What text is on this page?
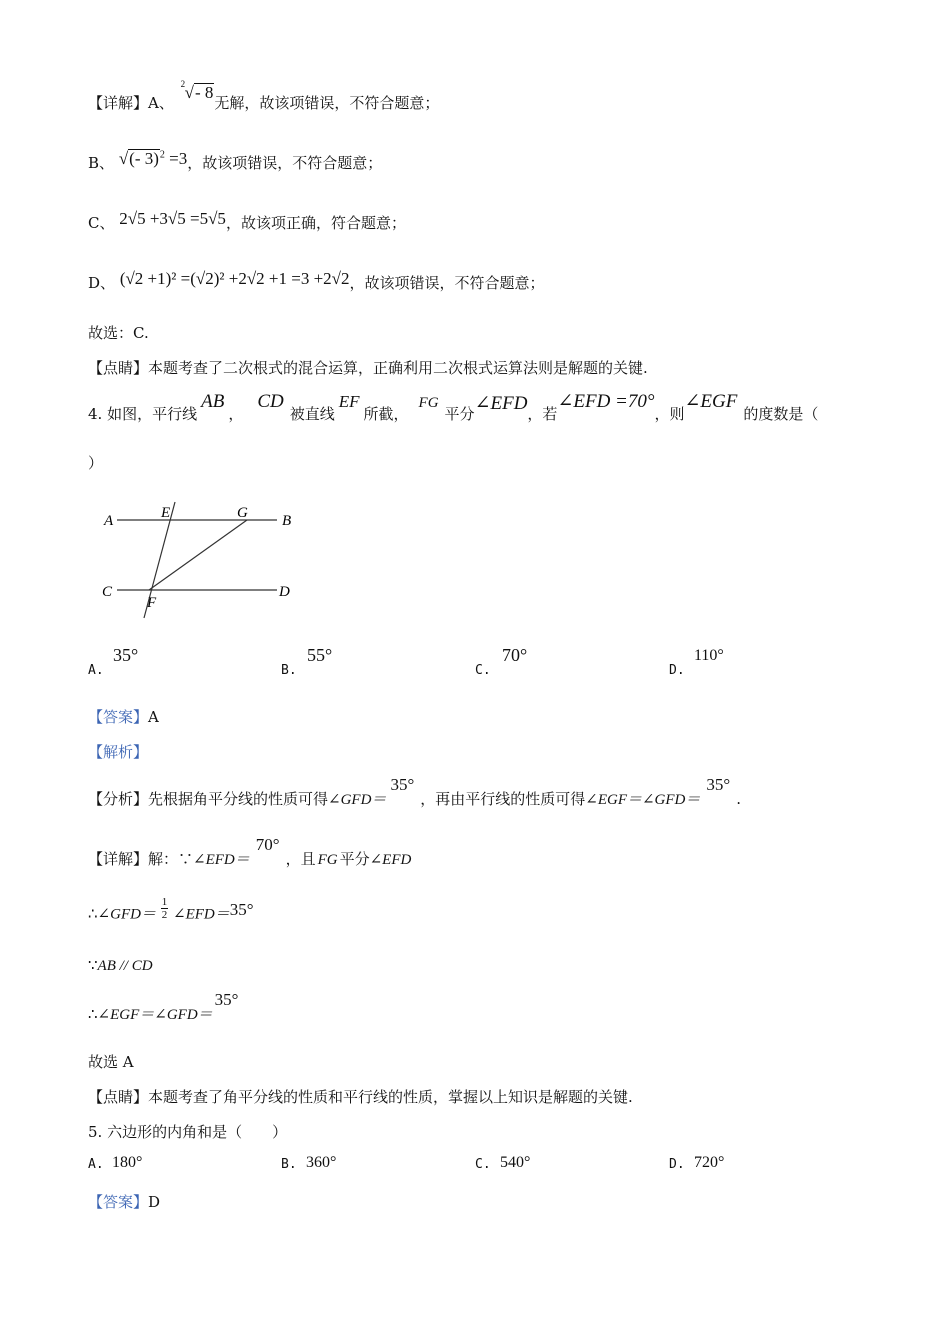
【详解】A、
2 √- 8无解，故该项错误，不符合题意；
B、 √(- 3)$^2$ =3，故该项错误，不符合题意；
C、 2√5 +3√5 =5√5，故该项正确，符合题意；
D、 (√2 +1)² =(√2)² +2√2 +1 =3 +2√2，故该项错误，不符合题意；
故选：C.
【点睛】本题考查了二次根式的混合运算，正确利用二次根式运算法则是解题的关键.
4. 如图，平行线AB，CD被直线EF所截，FG平分∠EFD，若∠EFD =70°，则∠EGF的度数是（
）
A	E	G B
C
F
D
A.
35°
B.
55°
C.
70°
D.
110°
【答案】A
【解析】
【分析】先根据角平分线的性质可得∠GFD＝35°，再由平行线的性质可得∠EGF＝∠GFD＝35°.
【详解】解：∵∠EFD＝70°，且 FG 平分∠EFD
∴∠GFD＝ $\frac{1}{2}$ ∠EFD＝35°
∵AB // CD
∴∠EGF＝∠GFD＝35°
故选 A
【点睛】本题考查了角平分线的性质和平行线的性质，掌握以上知识是解题的关键.
5. 六边形的内角和是（　　）
A. 180°	B. 360°	C. 540°	D. 720°
【答案】D
